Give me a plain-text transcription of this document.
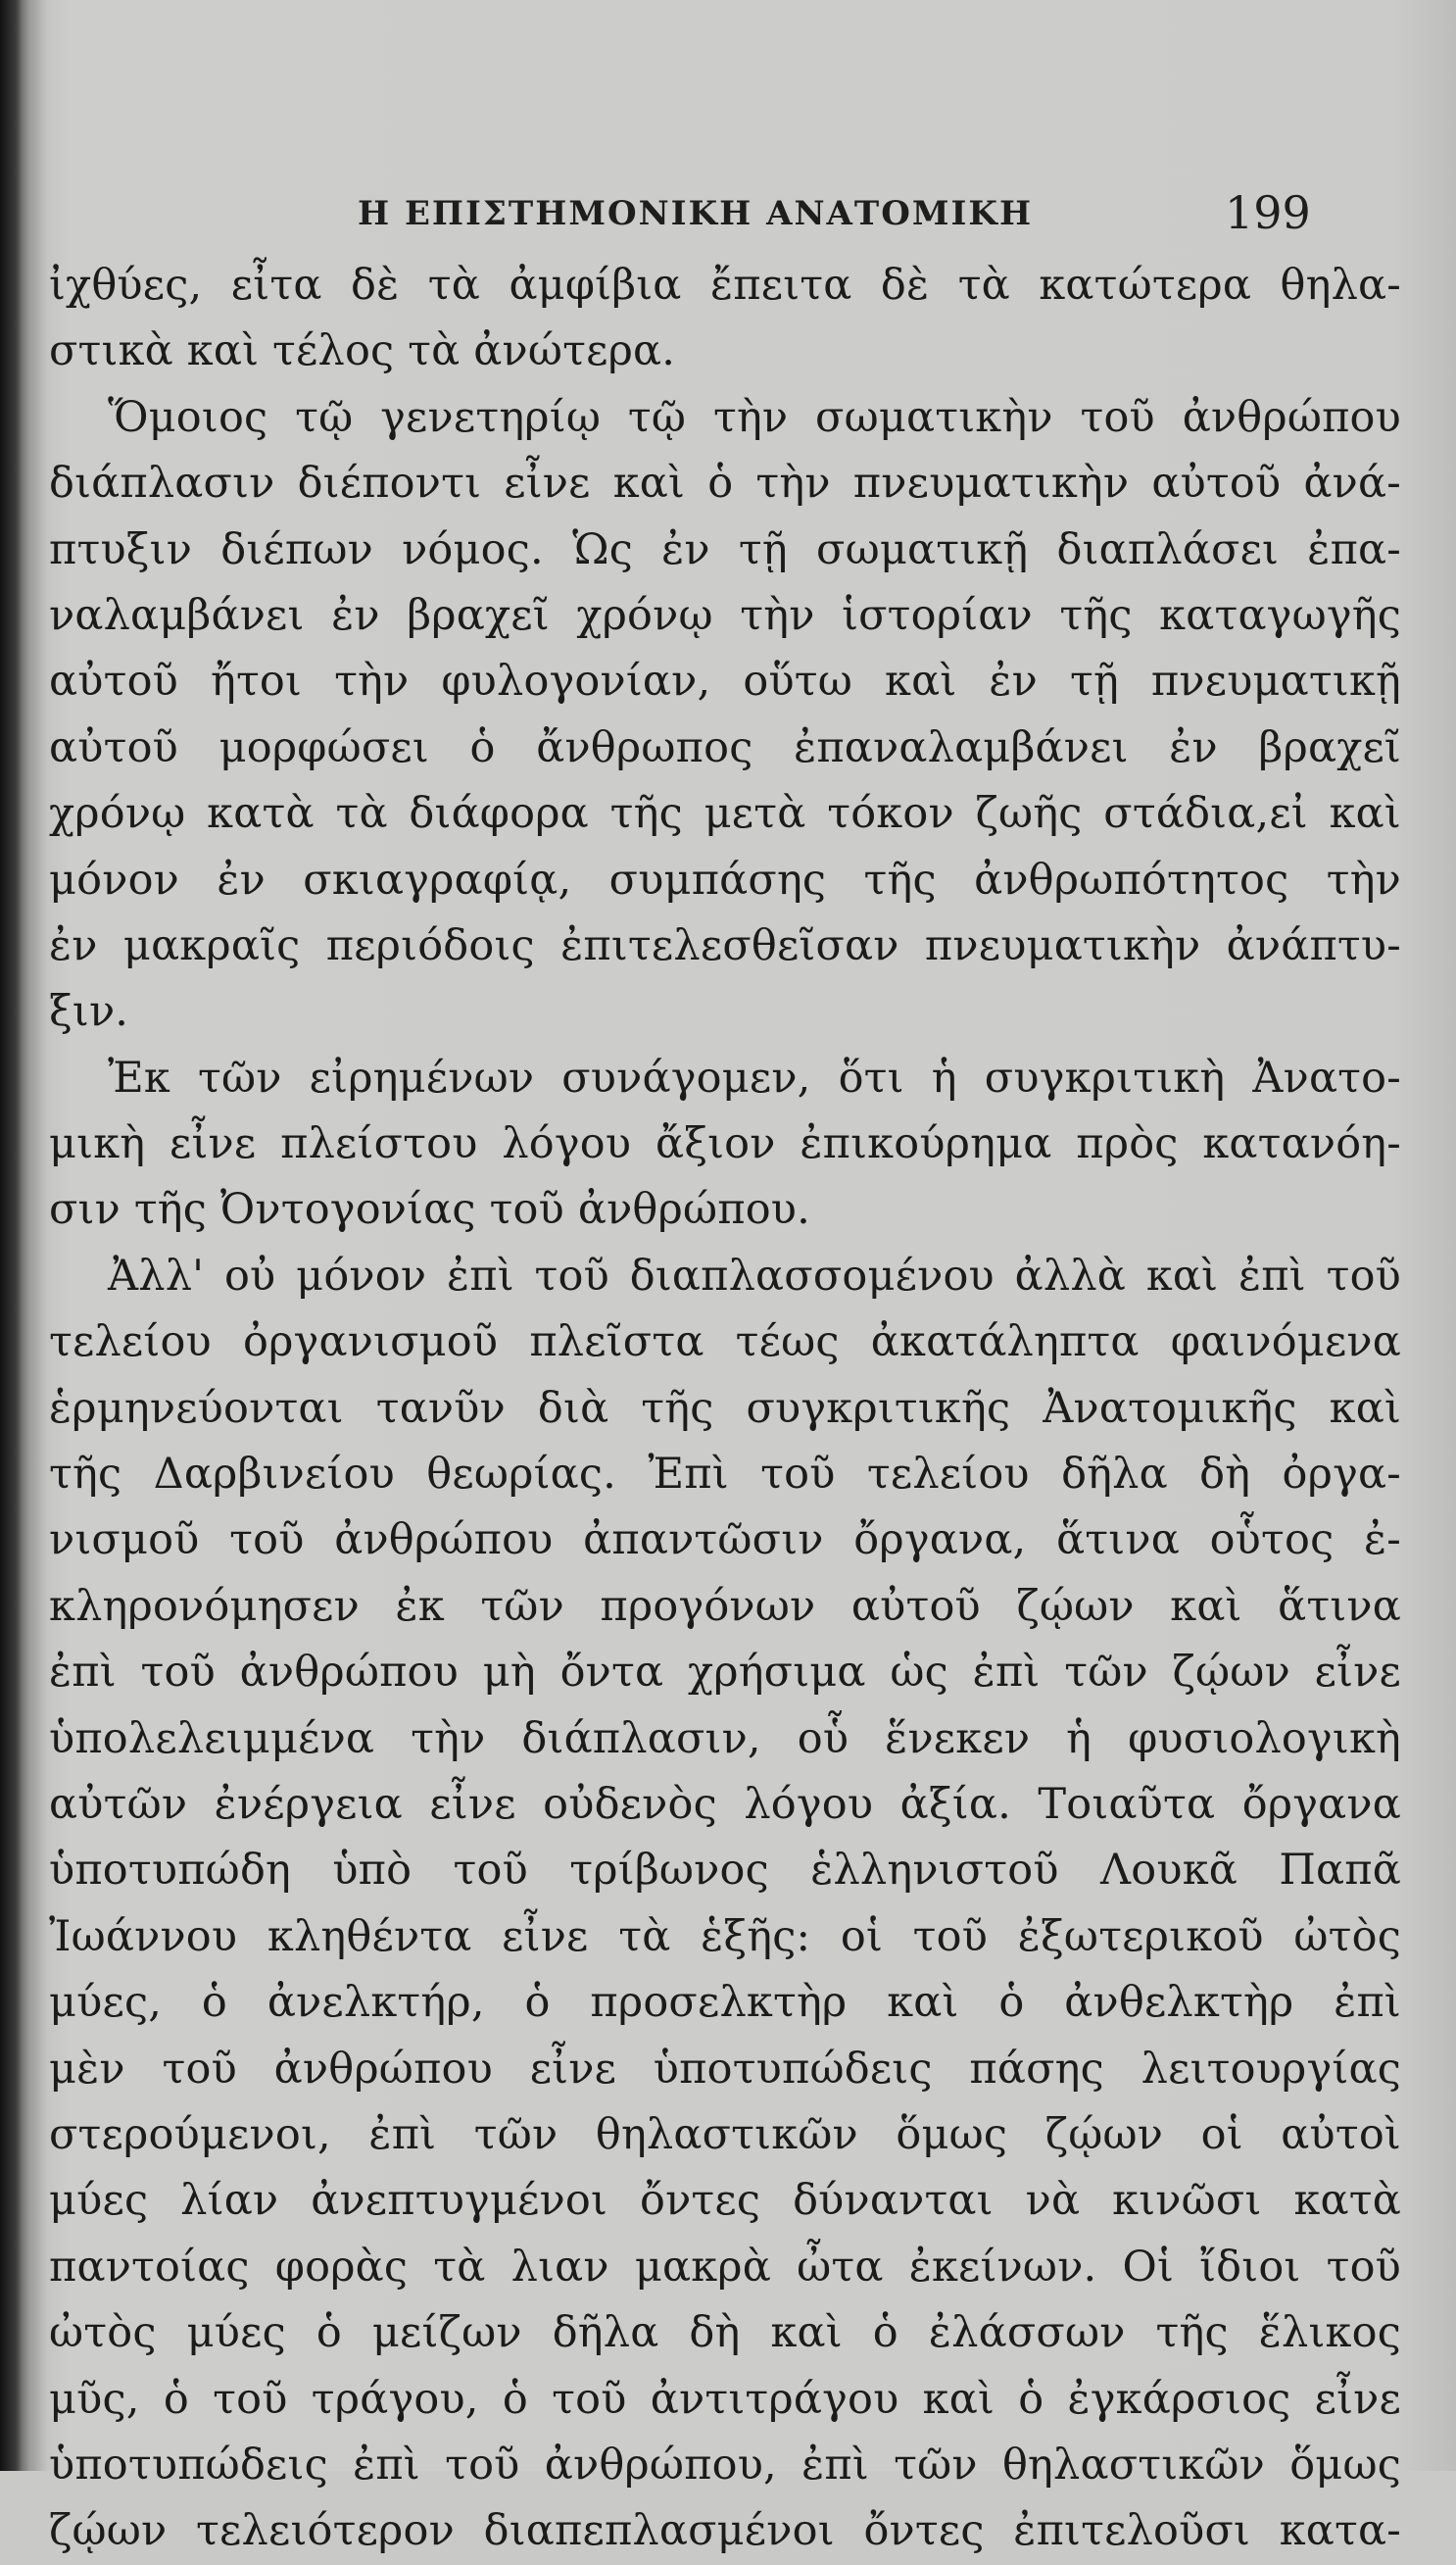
Η ΕΠΙΣΤΗΜΟΝΙΚΗ ΑΝΑΤΟΜΙΚΗ	199
ἰχθύες, εἶτα δὲ τὰ ἀμφίβια ἔπειτα δὲ τὰ κατώτερα θηλα-
στικὰ καὶ τέλος τὰ ἀνώτερα.
Ὅμοιος τῷ γενετηρίῳ τῷ τὴν σωματικὴν τοῦ ἀνθρώπου
διάπλασιν διέποντι εἶνε καὶ ὁ τὴν πνευματικὴν αὐτοῦ ἀνά-
πτυξιν διέπων νόμος. Ὡς ἐν τῇ σωματικῇ διαπλάσει ἐπα-
ναλαμβάνει ἐν βραχεῖ χρόνῳ τὴν ἱστορίαν τῆς καταγωγῆς
αὐτοῦ ἤτοι τὴν φυλογονίαν, οὕτω καὶ ἐν τῇ πνευματικῇ
αὐτοῦ μορφώσει ὁ ἄνθρωπος ἐπαναλαμβάνει ἐν βραχεῖ
χρόνῳ κατὰ τὰ διάφορα τῆς μετὰ τόκον ζωῆς στάδια,εἰ καὶ
μόνον ἐν σκιαγραφίᾳ, συμπάσης τῆς ἀνθρωπότητος τὴν
ἐν μακραῖς περιόδοις ἐπιτελεσθεῖσαν πνευματικὴν ἀνάπτυ-
ξιν.
Ἐκ τῶν εἰρημένων συνάγομεν, ὅτι ἡ συγκριτικὴ Ἀνατο-
μικὴ εἶνε πλείστου λόγου ἄξιον ἐπικούρημα πρὸς κατανόη-
σιν τῆς Ὀντογονίας τοῦ ἀνθρώπου.
Ἀλλ' οὐ μόνον ἐπὶ τοῦ διαπλασσομένου ἀλλὰ καὶ ἐπὶ τοῦ
τελείου ὀργανισμοῦ πλεῖστα τέως ἀκατάληπτα φαινόμενα
ἑρμηνεύονται τανῦν διὰ τῆς συγκριτικῆς Ἀνατομικῆς καὶ
τῆς Δαρβινείου θεωρίας. Ἐπὶ τοῦ τελείου δῆλα δὴ ὀργα-
νισμοῦ τοῦ ἀνθρώπου ἀπαντῶσιν ὄργανα, ἅτινα οὗτος ἐ-
κληρονόμησεν ἐκ τῶν προγόνων αὐτοῦ ζῴων καὶ ἅτινα
ἐπὶ τοῦ ἀνθρώπου μὴ ὄντα χρήσιμα ὡς ἐπὶ τῶν ζῴων εἶνε
ὑπολελειμμένα τὴν διάπλασιν, οὗ ἕνεκεν ἡ φυσιολογικὴ
αὐτῶν ἐνέργεια εἶνε οὐδενὸς λόγου ἀξία. Τοιαῦτα ὄργανα
ὑποτυπώδη ὑπὸ τοῦ τρίβωνος ἑλληνιστοῦ Λουκᾶ Παπᾶ
Ἰωάννου κληθέντα εἶνε τὰ ἑξῆς: οἱ τοῦ ἐξωτερικοῦ ὠτὸς
μύες, ὁ ἀνελκτήρ, ὁ προσελκτὴρ καὶ ὁ ἀνθελκτὴρ ἐπὶ
μὲν τοῦ ἀνθρώπου εἶνε ὑποτυπώδεις πάσης λειτουργίας
στερούμενοι, ἐπὶ τῶν θηλαστικῶν ὅμως ζῴων οἱ αὐτοὶ
μύες λίαν ἀνεπτυγμένοι ὄντες δύνανται νὰ κινῶσι κατὰ
παντοίας φορὰς τὰ λιαν μακρὰ ὦτα ἐκείνων. Οἱ ἴδιοι τοῦ
ὠτὸς μύες ὁ μείζων δῆλα δὴ καὶ ὁ ἐλάσσων τῆς ἕλικος
μῦς, ὁ τοῦ τράγου, ὁ τοῦ ἀντιτράγου καὶ ὁ ἐγκάρσιος εἶνε
ὑποτυπώδεις ἐπὶ τοῦ ἀνθρώπου, ἐπὶ τῶν θηλαστικῶν ὅμως
ζῴων τελειότερον διαπεπλασμένοι ὄντες ἐπιτελοῦσι κατα-
